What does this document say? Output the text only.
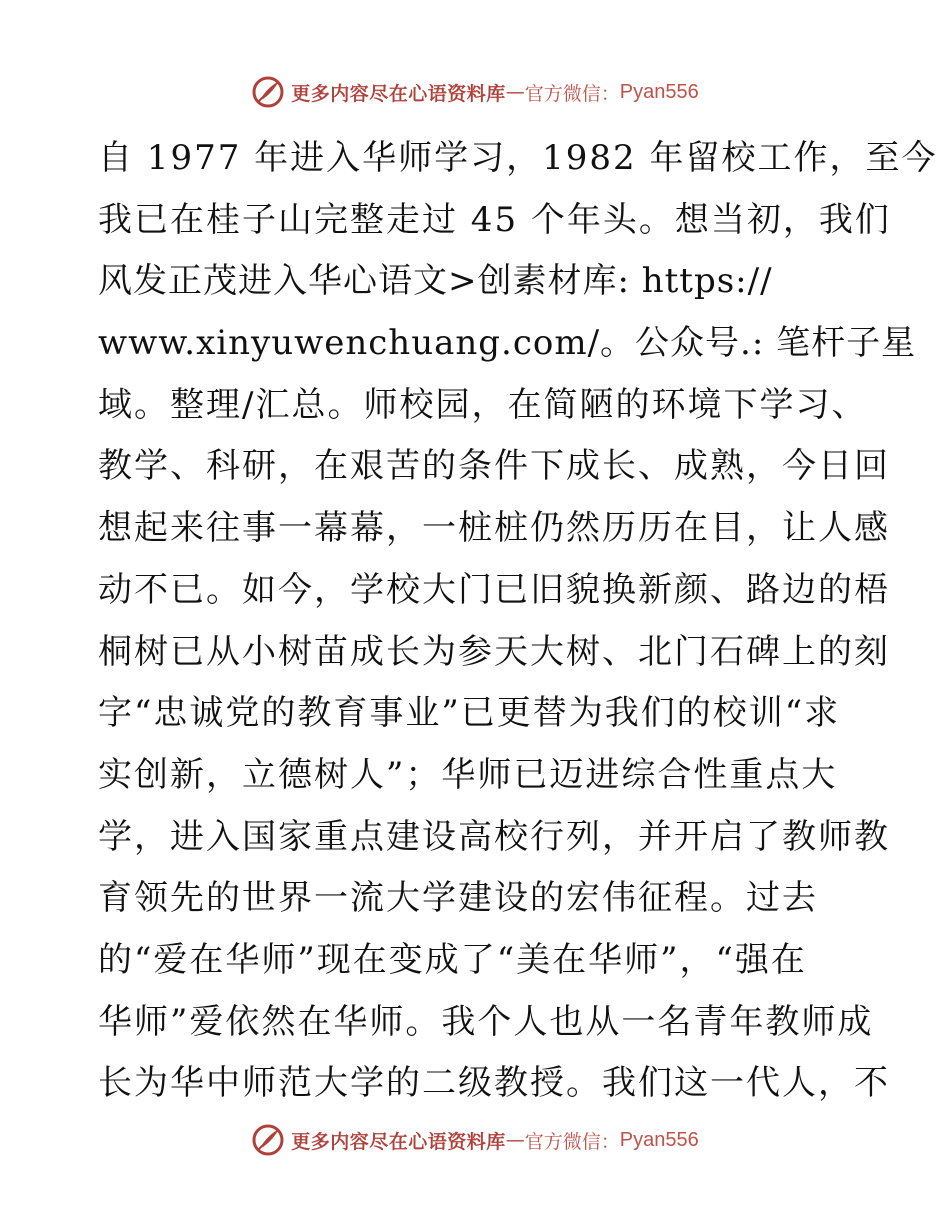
更多内容尽在心语资料库 — 官方微信： Pyan556
自 1977 年进入华师学习，1982 年留校工作，至今
我已在桂子山完整走过 45 个年头。想当初，我们
风发正茂进入华心语文>创素材库: https://
www.xinyuwenchuang.com/。公众号.: 笔杆子星
域。整理/汇总。师校园，在简陋的环境下学习、
教学、科研，在艰苦的条件下成长、成熟，今日回
想起来往事一幕幕，一桩桩仍然历历在目，让人感
动不已。如今，学校大门已旧貌换新颜、路边的梧
桐树已从小树苗成长为参天大树、北门石碑上的刻
字“忠诚党的教育事业”已更替为我们的校训“求
实创新，立德树人”；华师已迈进综合性重点大
学，进入国家重点建设高校行列，并开启了教师教
育领先的世界一流大学建设的宏伟征程。过去
的“爱在华师”现在变成了“美在华师”，“强在
华师”爱依然在华师。我个人也从一名青年教师成
长为华中师范大学的二级教授。我们这一代人，不
更多内容尽在心语资料库 — 官方微信： Pyan556
